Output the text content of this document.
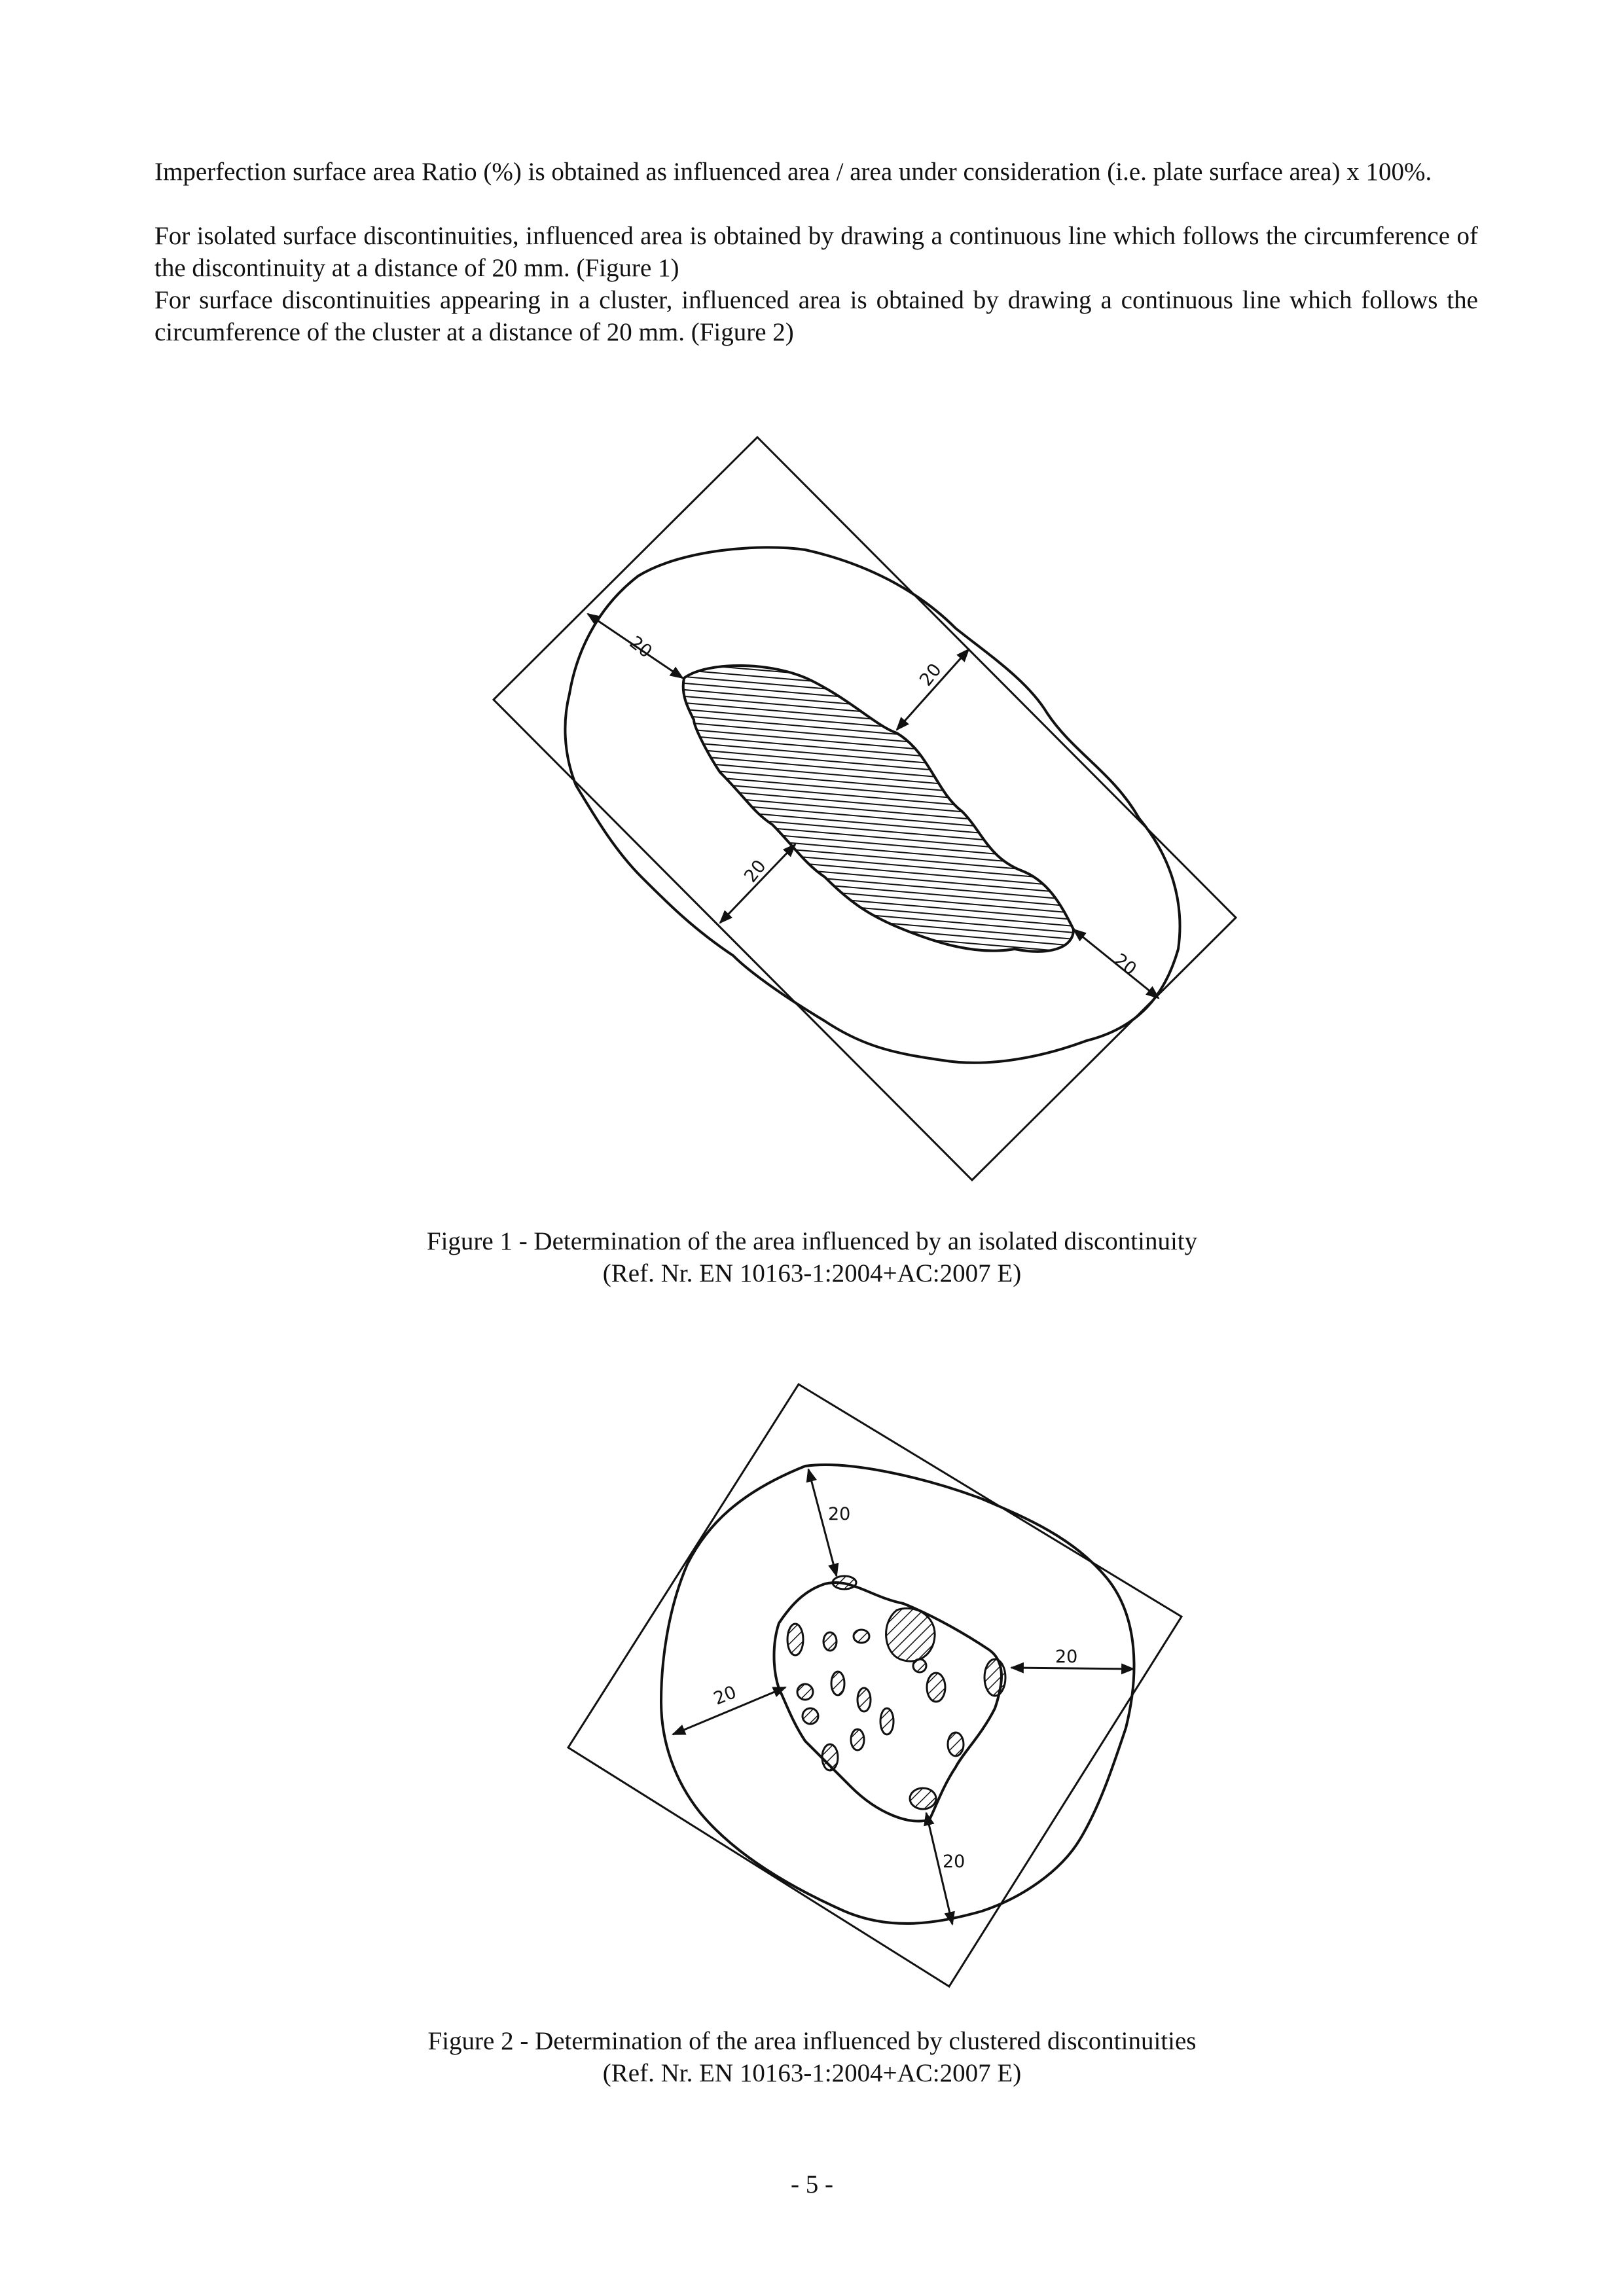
Imperfection surface area Ratio (%) is obtained as influenced area / area under consideration (i.e. plate surface area) x 100%.
For isolated surface discontinuities, influenced area is obtained by drawing a continuous line which follows the circumference of the discontinuity at a distance of 20 mm. (Figure 1)
For surface discontinuities appearing in a cluster, influenced area is obtained by drawing a continuous line which follows the circumference of the cluster at a distance of 20 mm. (Figure 2)
20
20
20
20
20
20
20
20
Figure 1 - Determination of the area influenced by an isolated discontinuity
(Ref. Nr. EN 10163-1:2004+AC:2007 E)
Figure 2 - Determination of the area influenced by clustered discontinuities
(Ref. Nr. EN 10163-1:2004+AC:2007 E)
- 5 -
